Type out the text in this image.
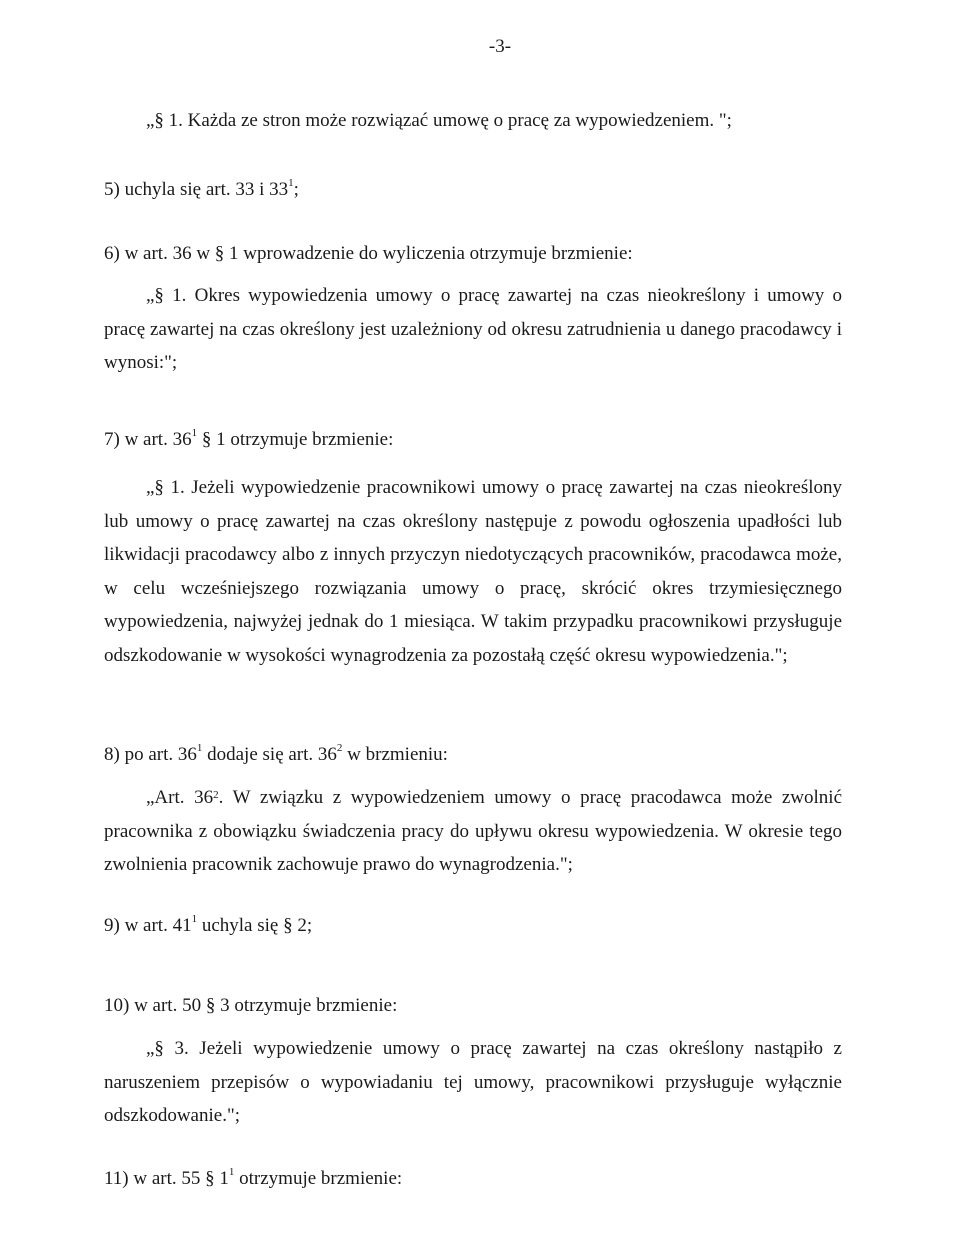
-3-
„§ 1. Każda ze stron może rozwiązać umowę o pracę za wypowiedzeniem. ";
5) uchyla się art. 33 i $33^1$;
6) w art. 36 w § 1 wprowadzenie do wyliczenia otrzymuje brzmienie:
„§ 1. Okres wypowiedzenia umowy o pracę zawartej na czas nieokreślony i umowy o pracę zawartej na czas określony jest uzależniony od okresu zatrudnienia u danego pracodawcy i wynosi:";
7) w art. $36^1$ § 1 otrzymuje brzmienie:
„§ 1. Jeżeli wypowiedzenie pracownikowi umowy o pracę zawartej na czas nieokreślony lub umowy o pracę zawartej na czas określony następuje z powodu ogłoszenia upadłości lub likwidacji pracodawcy albo z innych przyczyn niedotyczących pracowników, pracodawca może, w celu wcześniejszego rozwiązania umowy o pracę, skrócić okres trzymiesięcznego wypowiedzenia, najwyżej jednak do 1 miesiąca. W takim przypadku pracownikowi przysługuje odszkodowanie w wysokości wynagrodzenia za pozostałą część okresu wypowiedzenia.";
8) po art. $36^1$ dodaje się art. $36^2$ w brzmieniu:
„Art. $36^2$. W związku z wypowiedzeniem umowy o pracę pracodawca może zwolnić pracownika z obowiązku świadczenia pracy do upływu okresu wypowiedzenia. W okresie tego zwolnienia pracownik zachowuje prawo do wynagrodzenia.";
9) w art. $41^1$ uchyla się § 2;
10) w art. 50 § 3 otrzymuje brzmienie:
„§ 3. Jeżeli wypowiedzenie umowy o pracę zawartej na czas określony nastąpiło z naruszeniem przepisów o wypowiadaniu tej umowy, pracownikowi przysługuje wyłącznie odszkodowanie.";
11) w art. 55 § $1^1$ otrzymuje brzmienie:
